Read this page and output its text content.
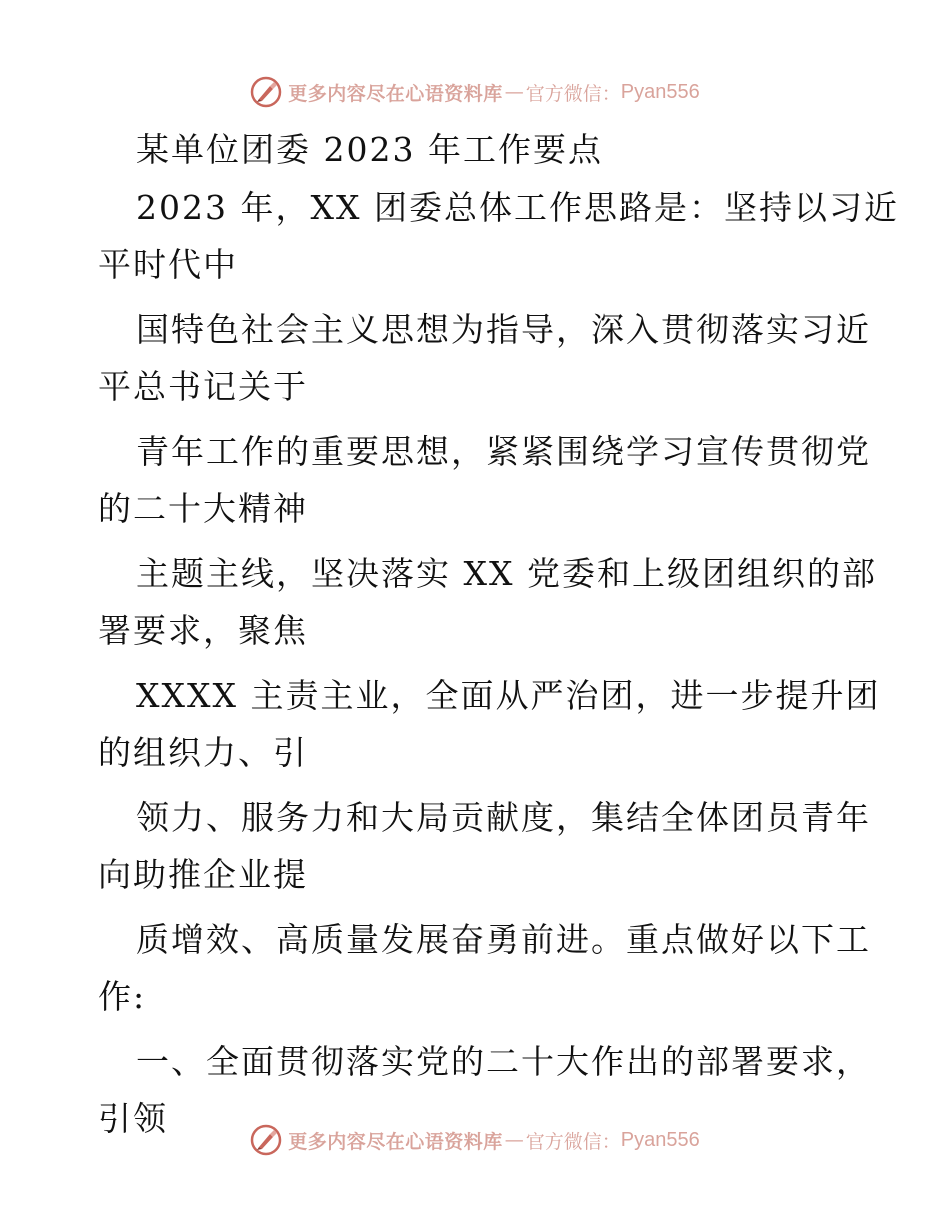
更多内容尽在心语资料库 — 官方微信： Pyan556
某单位团委 2023 年工作要点
2023 年，XX 团委总体工作思路是：坚持以习近
平时代中
国特色社会主义思想为指导，深入贯彻落实习近
平总书记关于
青年工作的重要思想，紧紧围绕学习宣传贯彻党
的二十大精神
主题主线，坚决落实 XX 党委和上级团组织的部
署要求，聚焦
XXXX 主责主业，全面从严治团，进一步提升团
的组织力、引
领力、服务力和大局贡献度，集结全体团员青年
向助推企业提
质增效、高质量发展奋勇前进。重点做好以下工
作:
一、全面贯彻落实党的二十大作出的部署要求，
引领
更多内容尽在心语资料库 — 官方微信： Pyan556
